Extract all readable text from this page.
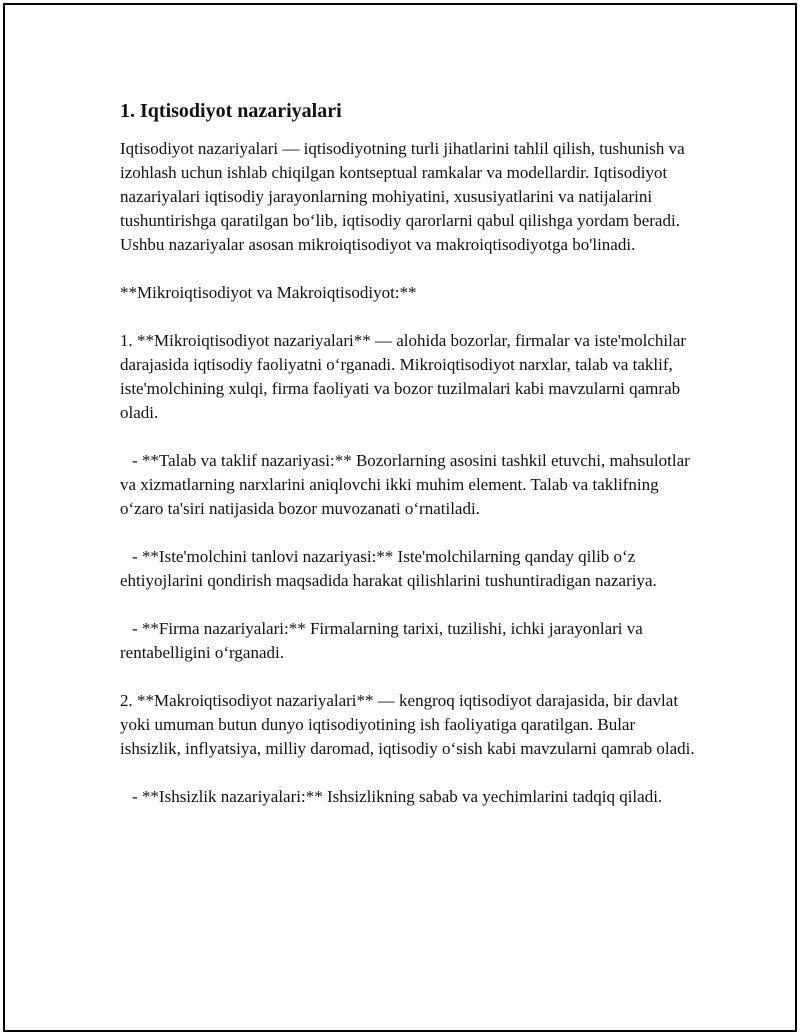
1. Iqtisodiyot nazariyalari

Iqtisodiyot nazariyalari — iqtisodiyotning turli jihatlarini tahlil qilish, tushunish va izohlash uchun ishlab chiqilgan kontseptual ramkalar va modellardir. Iqtisodiyot nazariyalari iqtisodiy jarayonlarning mohiyatini, xususiyatlarini va natijalarini tushuntirishga qaratilgan bo‘lib, iqtisodiy qarorlarni qabul qilishga yordam beradi. Ushbu nazariyalar asosan mikroiqtisodiyot va makroiqtisodiyotga bo'linadi.

**Mikroiqtisodiyot va Makroiqtisodiyot:**

1. **Mikroiqtisodiyot nazariyalari** — alohida bozorlar, firmalar va iste'molchilar darajasida iqtisodiy faoliyatni o‘rganadi. Mikroiqtisodiyot narxlar, talab va taklif, iste'molchining xulqi, firma faoliyati va bozor tuzilmalari kabi mavzularni qamrab oladi.

- **Talab va taklif nazariyasi:** Bozorlarning asosini tashkil etuvchi, mahsulotlar va xizmatlarning narxlarini aniqlovchi ikki muhim element. Talab va taklifning o‘zaro ta'siri natijasida bozor muvozanati o‘rnatiladi.

- **Iste'molchini tanlovi nazariyasi:** Iste'molchilarning qanday qilib o‘z ehtiyojlarini qondirish maqsadida harakat qilishlarini tushuntiradigan nazariya.

- **Firma nazariyalari:** Firmalarning tarixi, tuzilishi, ichki jarayonlari va rentabelligini o‘rganadi.

2. **Makroiqtisodiyot nazariyalari** — kengroq iqtisodiyot darajasida, bir davlat yoki umuman butun dunyo iqtisodiyotining ish faoliyatiga qaratilgan. Bular ishsizlik, inflyatsiya, milliy daromad, iqtisodiy o‘sish kabi mavzularni qamrab oladi.

- **Ishsizlik nazariyalari:** Ishsizlikning sabab va yechimlarini tadqiq qiladi.
